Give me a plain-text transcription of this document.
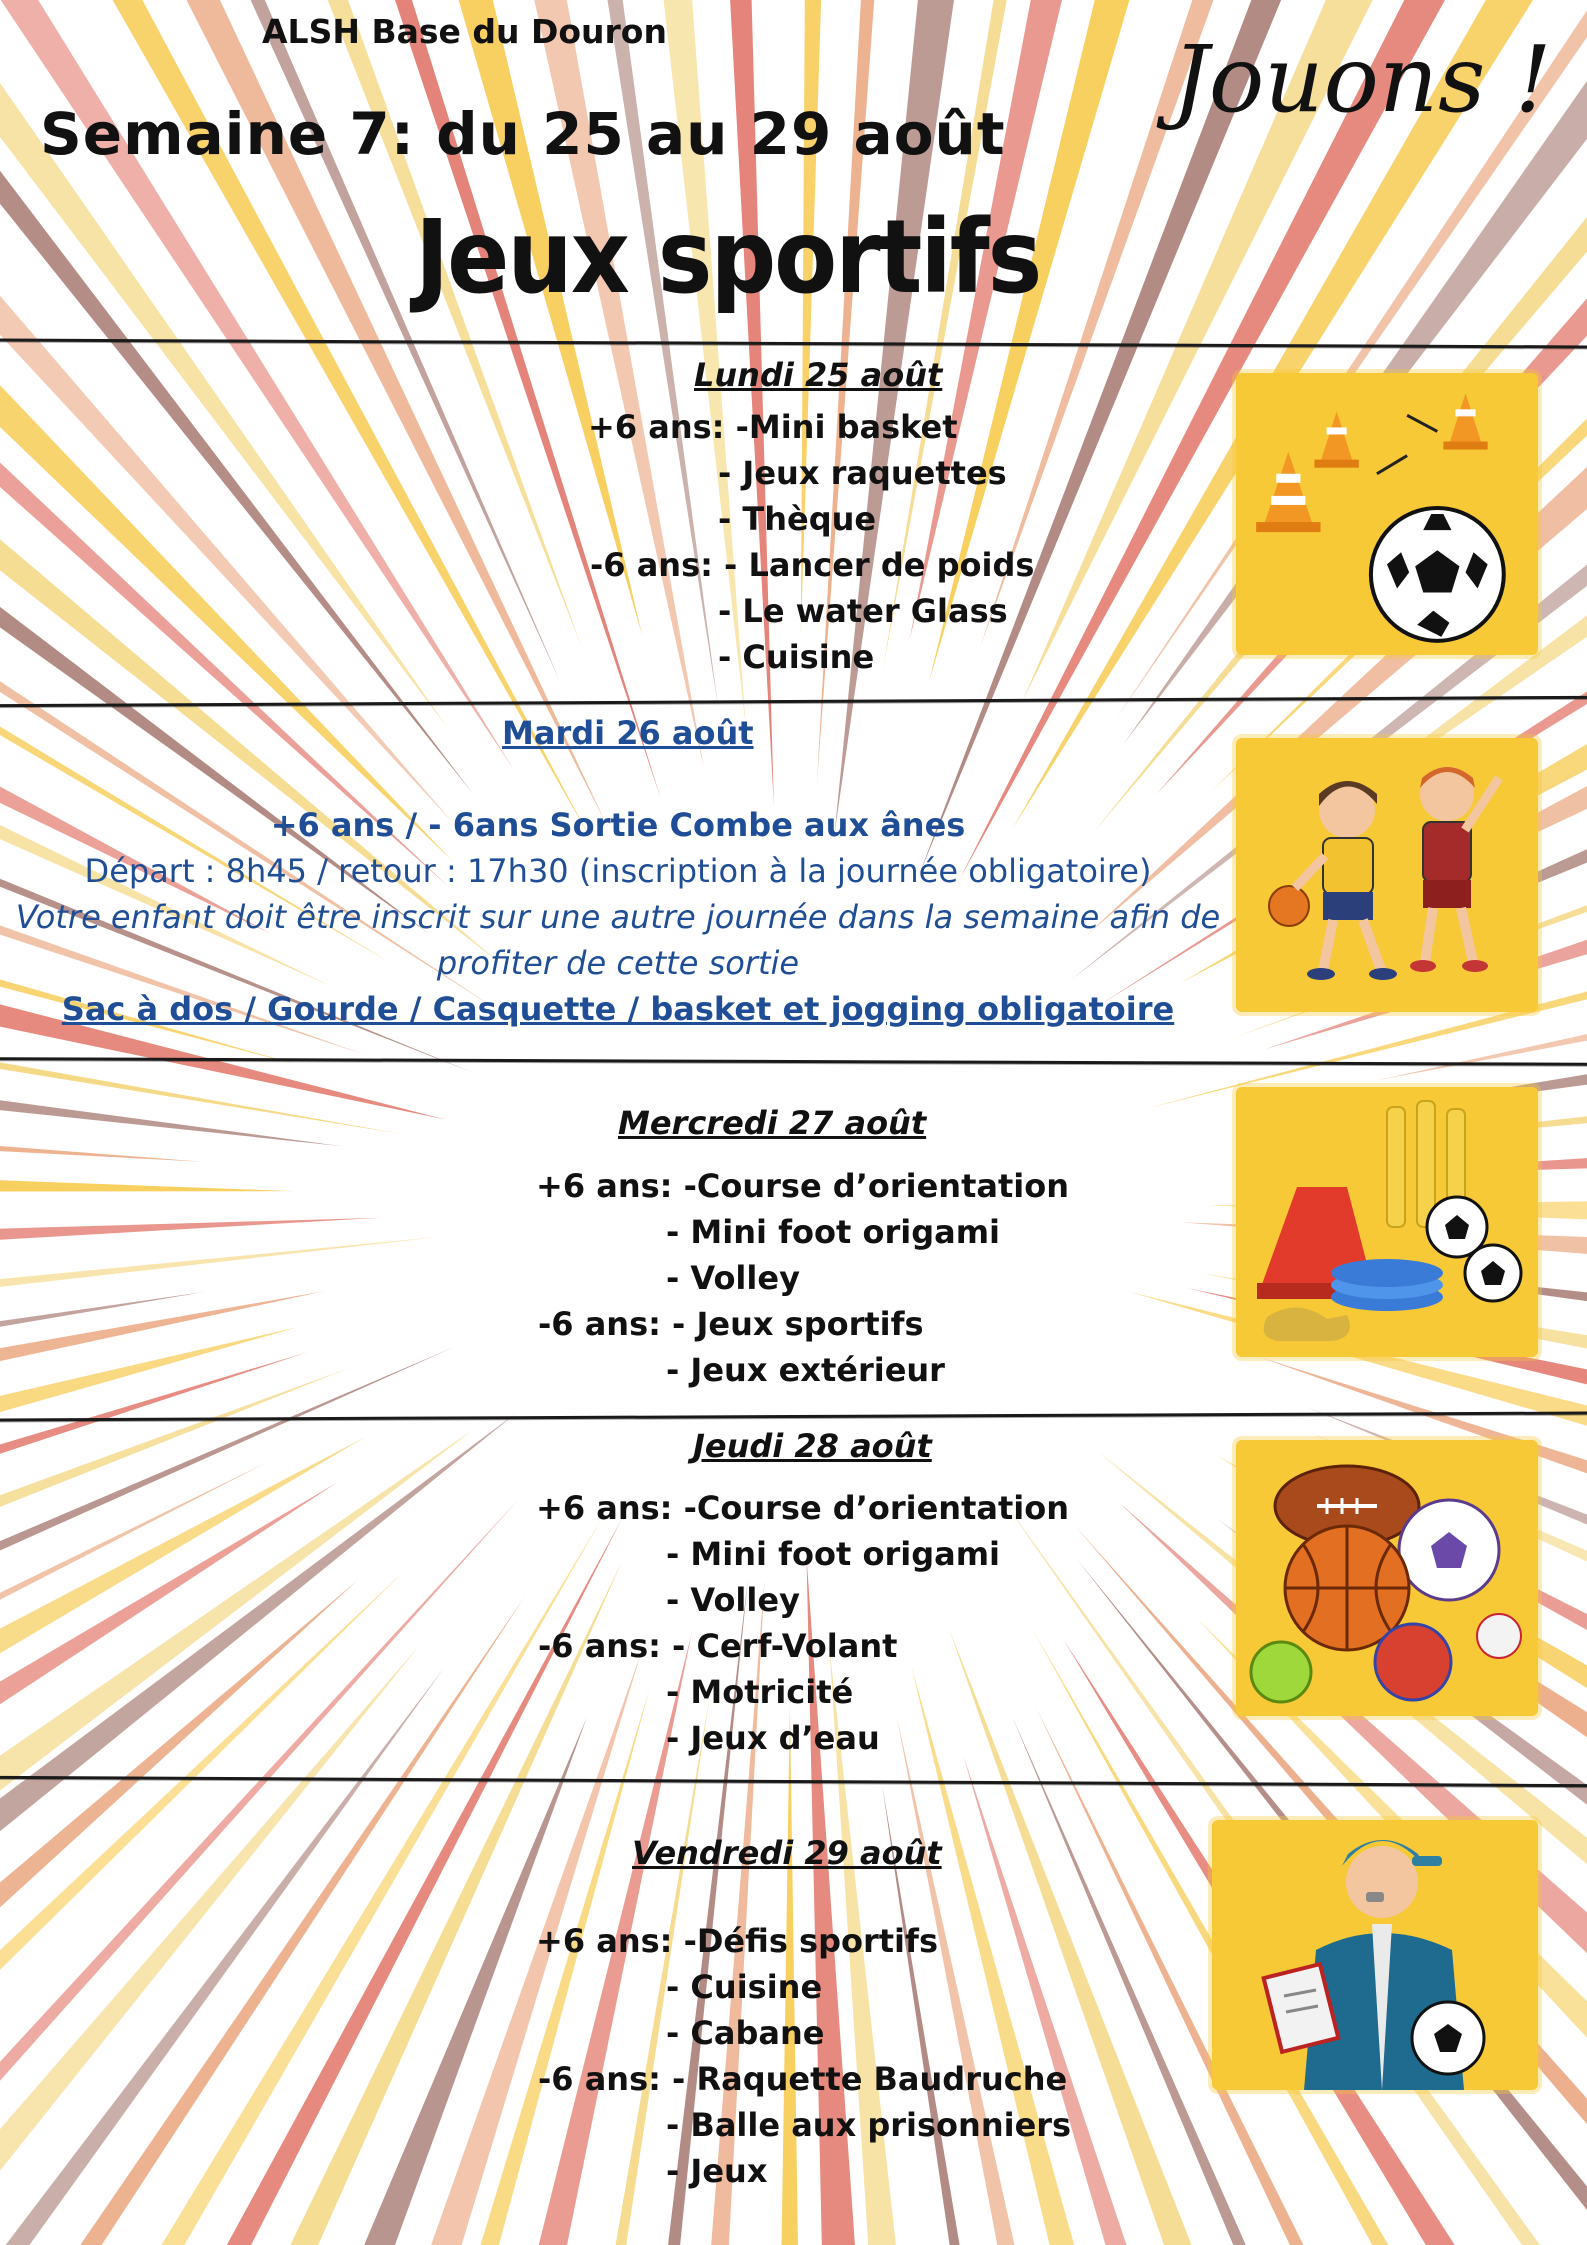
ALSH Base du Douron
Semaine 7: du 25 au 29 août
Jeux sportifs
Jouons !
Lundi 25 août
+6 ans: -Mini basket
- Jeux raquettes
- Thèque
-6 ans: - Lancer de poids
- Le water Glass
- Cuisine
Mardi 26 août
+6 ans / - 6ans Sortie Combe aux ânes
Départ : 8h45 / retour : 17h30 (inscription à la journée obligatoire)
Votre enfant doit être inscrit sur une autre journée dans la semaine afin de
profiter de cette sortie
Sac à dos / Gourde / Casquette / basket et jogging obligatoire
Mercredi 27 août
+6 ans: -Course d’orientation
- Mini foot origami
- Volley
-6 ans: - Jeux sportifs
- Jeux extérieur
Jeudi 28 août
+6 ans: -Course d’orientation
- Mini foot origami
- Volley
-6 ans: - Cerf-Volant
- Motricité
- Jeux d’eau
Vendredi 29 août
+6 ans: -Défis sportifs
- Cuisine
- Cabane
-6 ans: - Raquette Baudruche
- Balle aux prisonniers
- Jeux
